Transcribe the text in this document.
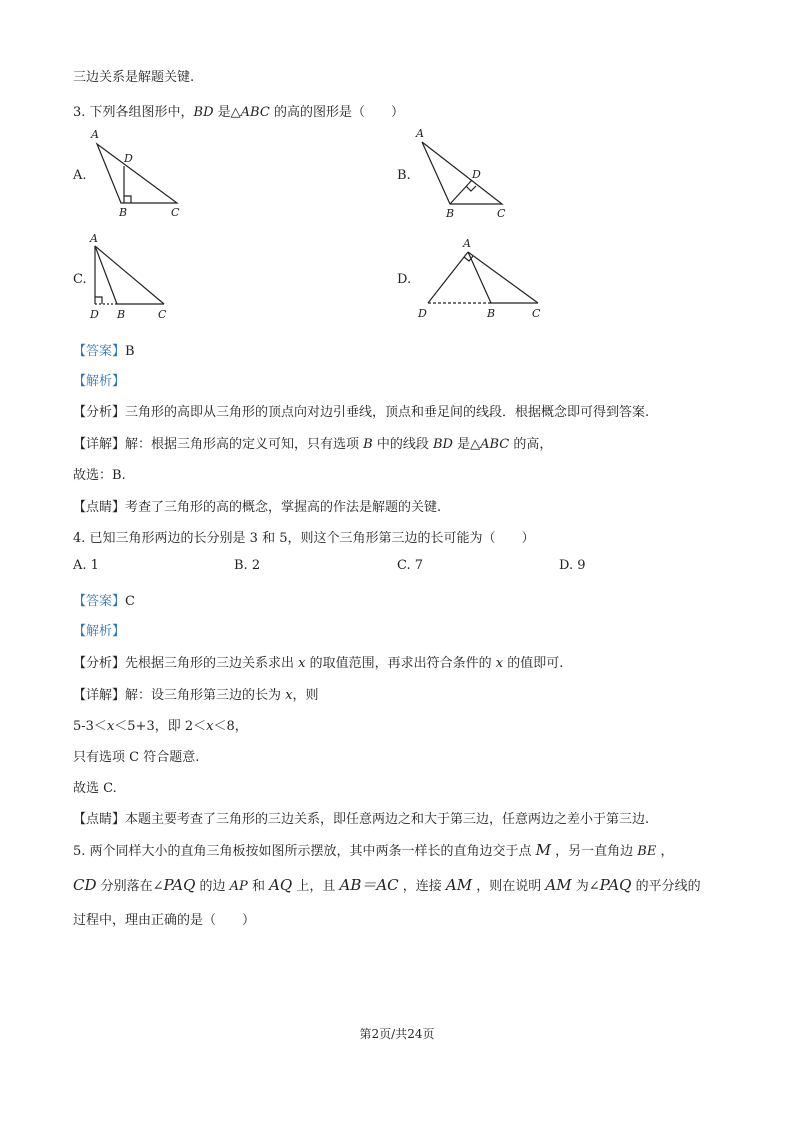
三边关系是解题关键.
3. 下列各组图形中，BD 是△ABC 的高的图形是（　　）
A.	B.
C.	D.
A
D
B	C
A
D
B	C
A
D B	C
A
D	B	C
【答案】B
【解析】
【分析】三角形的高即从三角形的顶点向对边引垂线，顶点和垂足间的线段．根据概念即可得到答案.
【详解】解：根据三角形高的定义可知，只有选项 B 中的线段 BD 是△ABC 的高，
故选：B.
【点睛】考查了三角形的高的概念，掌握高的作法是解题的关键.
4. 已知三角形两边的长分别是 3 和 5，则这个三角形第三边的长可能为（　　）
A. 1	B. 2	C. 7	D. 9
【答案】C
【解析】
【分析】先根据三角形的三边关系求出 x 的取值范围，再求出符合条件的 x 的值即可.
【详解】解：设三角形第三边的长为 x，则
5-3＜x＜5+3，即 2＜x＜8，
只有选项 C 符合题意.
故选 C.
【点睛】本题主要考查了三角形的三边关系，即任意两边之和大于第三边，任意两边之差小于第三边.
5. 两个同样大小的直角三角板按如图所示摆放，其中两条一样长的直角边交于点 M ，另一直角边 BE ，
CD 分别落在∠PAQ 的边 AP 和 AQ 上，且 AB＝AC ，连接 AM ，则在说明 AM 为∠PAQ 的平分线的
过程中，理由正确的是（　　）
第2页/共24页
